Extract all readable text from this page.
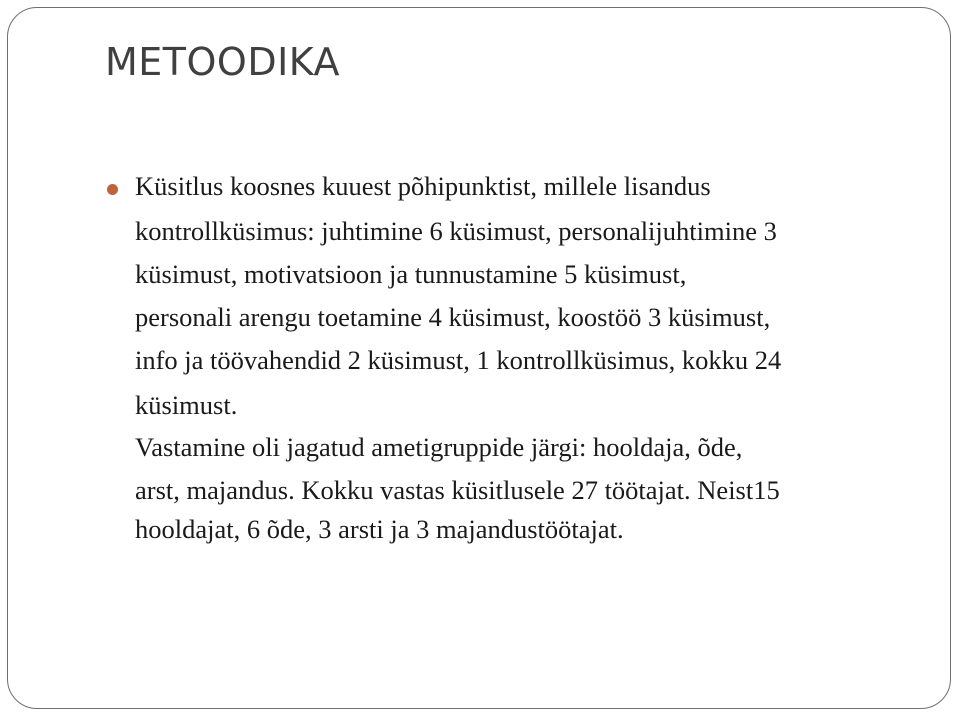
METOODIKA
Küsitlus koosnes kuuest põhipunktist, millele lisandus
kontrollküsimus: juhtimine 6 küsimust, personalijuhtimine 3
küsimust, motivatsioon ja tunnustamine 5 küsimust,
personali arengu toetamine 4 küsimust, koostöö 3 küsimust,
info ja töövahendid 2 küsimust, 1 kontrollküsimus, kokku 24
küsimust.
Vastamine oli jagatud ametigruppide järgi: hooldaja, õde,
arst, majandus. Kokku vastas küsitlusele 27 töötajat. Neist15
hooldajat, 6 õde, 3 arsti ja 3 majandustöötajat.
